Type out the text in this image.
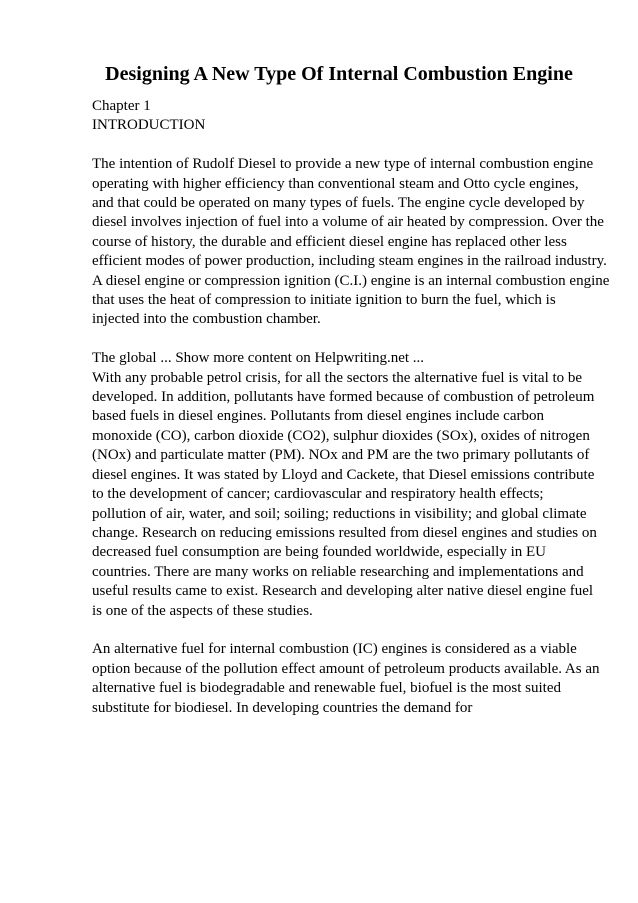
Designing A New Type Of Internal Combustion Engine
Chapter 1
INTRODUCTION
The intention of Rudolf Diesel to provide a new type of internal combustion engine
operating with higher efficiency than conventional steam and Otto cycle engines,
and that could be operated on many types of fuels. The engine cycle developed by
diesel involves injection of fuel into a volume of air heated by compression. Over the
course of history, the durable and efficient diesel engine has replaced other less
efficient modes of power production, including steam engines in the railroad industry.
A diesel engine or compression ignition (C.I.) engine is an internal combustion engine
that uses the heat of compression to initiate ignition to burn the fuel, which is
injected into the combustion chamber.
The global ... Show more content on Helpwriting.net ...
With any probable petrol crisis, for all the sectors the alternative fuel is vital to be
developed. In addition, pollutants have formed because of combustion of petroleum
based fuels in diesel engines. Pollutants from diesel engines include carbon
monoxide (CO), carbon dioxide (CO2), sulphur dioxides (SOx), oxides of nitrogen
(NOx) and particulate matter (PM). NOx and PM are the two primary pollutants of
diesel engines. It was stated by Lloyd and Cackete, that Diesel emissions contribute
to the development of cancer; cardiovascular and respiratory health effects;
pollution of air, water, and soil; soiling; reductions in visibility; and global climate
change. Research on reducing emissions resulted from diesel engines and studies on
decreased fuel consumption are being founded worldwide, especially in EU
countries. There are many works on reliable researching and implementations and
useful results came to exist. Research and developing alter native diesel engine fuel
is one of the aspects of these studies.
An alternative fuel for internal combustion (IC) engines is considered as a viable
option because of the pollution effect amount of petroleum products available. As an
alternative fuel is biodegradable and renewable fuel, biofuel is the most suited
substitute for biodiesel. In developing countries the demand for
